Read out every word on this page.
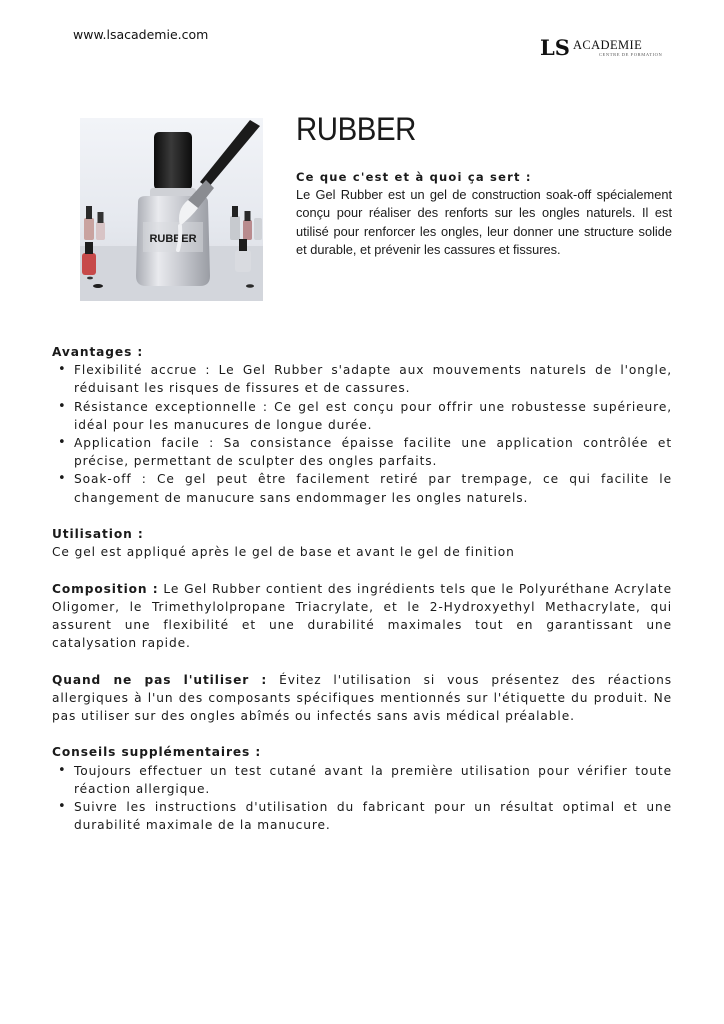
www.lsacademie.com
LS ACADEMIE
CENTRE DE FORMATION
RUBBER
RUBBER

Ce que c'est et à quoi ça sert :

Le Gel Rubber est un gel de construction soak-off spécialement conçu pour réaliser des renforts sur les ongles naturels. Il est utilisé pour renforcer les ongles, leur donner une structure solide et durable, et prévenir les cassures et fissures.

Avantages :

• Flexibilité accrue : Le Gel Rubber s'adapte aux mouvements naturels de l'ongle, réduisant les risques de fissures et de cassures.
• Résistance exceptionnelle : Ce gel est conçu pour offrir une robustesse supérieure, idéal pour les manucures de longue durée.
• Application facile : Sa consistance épaisse facilite une application contrôlée et précise, permettant de sculpter des ongles parfaits.
• Soak-off : Ce gel peut être facilement retiré par trempage, ce qui facilite le changement de manucure sans endommager les ongles naturels.

Utilisation :

Ce gel est appliqué après le gel de base et avant le gel de finition

Composition : Le Gel Rubber contient des ingrédients tels que le Polyuréthane Acrylate Oligomer, le Trimethylolpropane Triacrylate, et le 2-Hydroxyethyl Methacrylate, qui assurent une flexibilité et une durabilité maximales tout en garantissant une catalysation rapide.

Quand ne pas l'utiliser : Évitez l'utilisation si vous présentez des réactions allergiques à l'un des composants spécifiques mentionnés sur l'étiquette du produit. Ne pas utiliser sur des ongles abîmés ou infectés sans avis médical préalable.

Conseils supplémentaires :

• Toujours effectuer un test cutané avant la première utilisation pour vérifier toute réaction allergique.
• Suivre les instructions d'utilisation du fabricant pour un résultat optimal et une durabilité maximale de la manucure.
